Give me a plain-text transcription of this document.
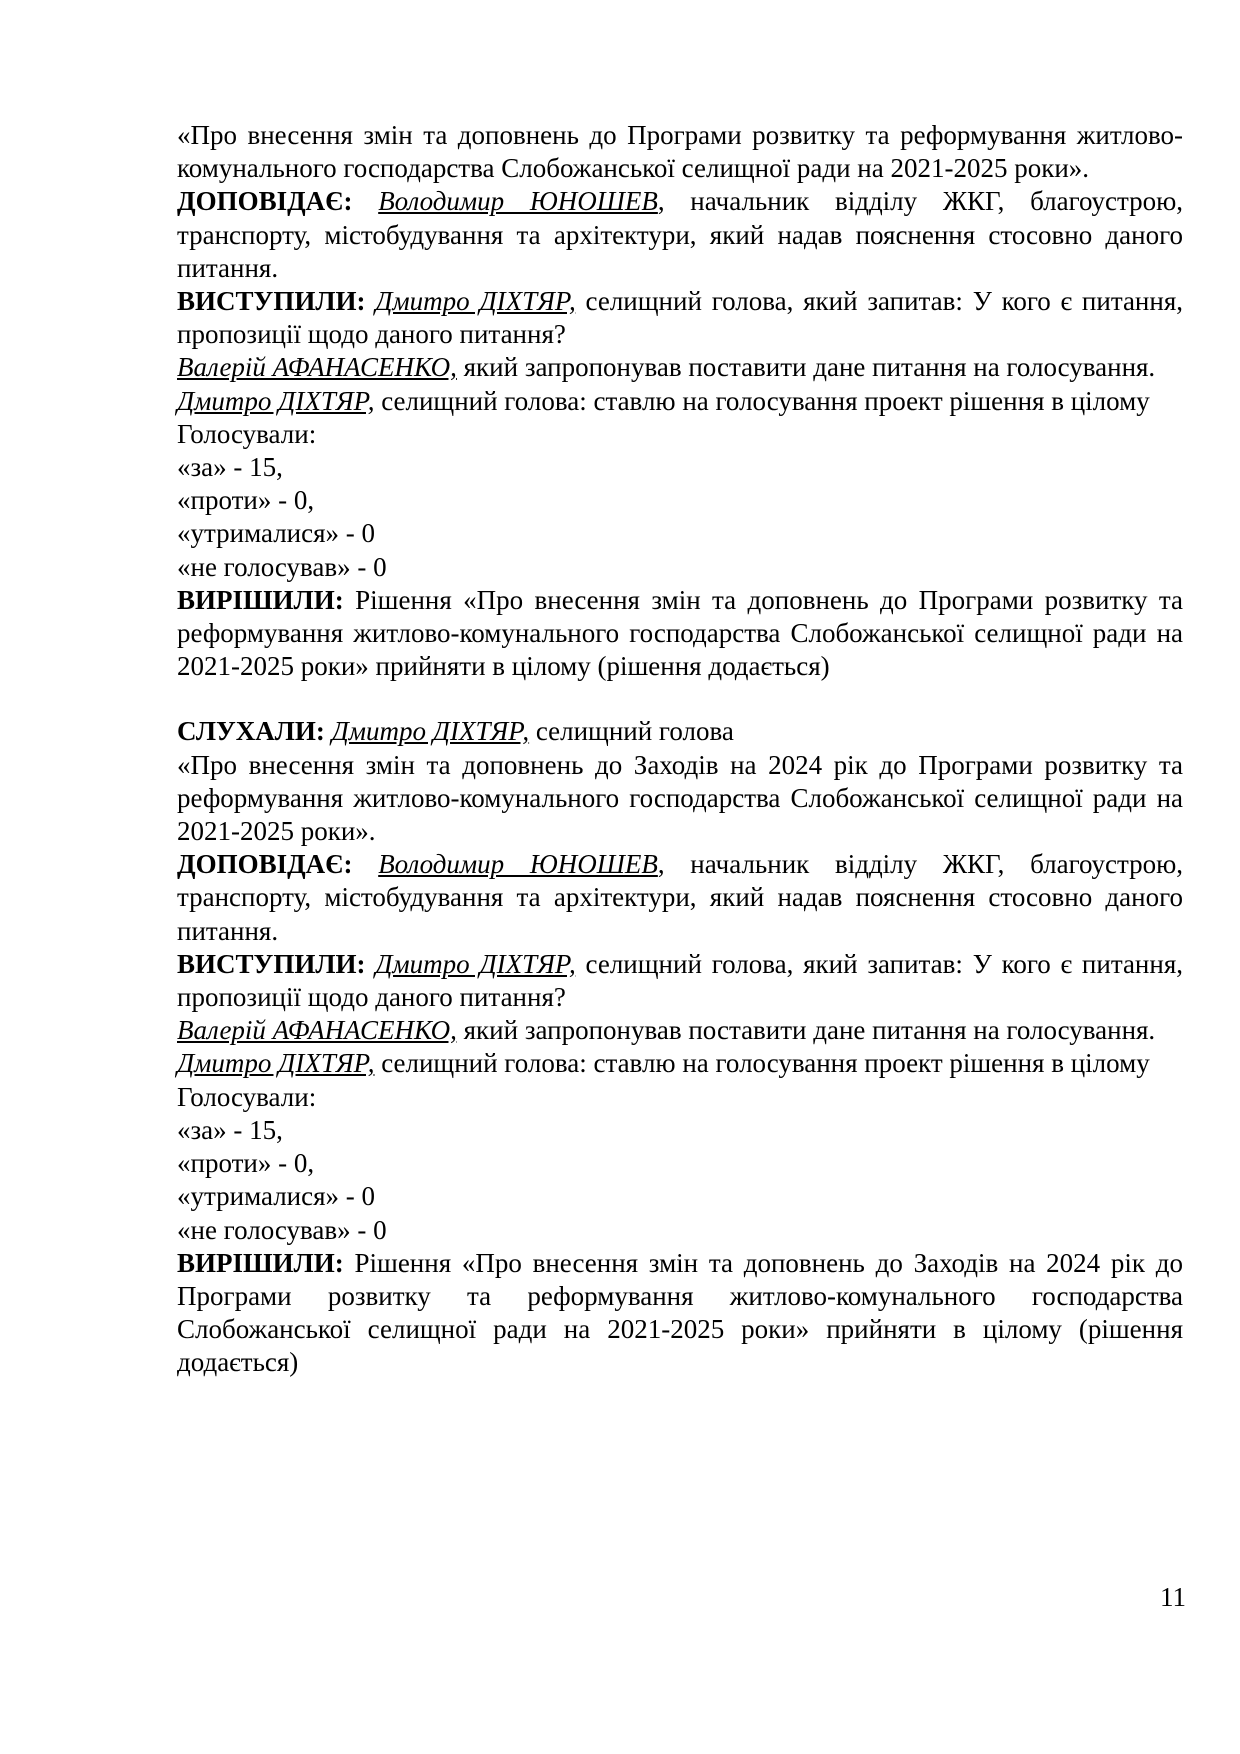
«Про внесення змін та доповнень до Програми розвитку та реформування житлово-комунального господарства Слобожанської селищної ради на 2021-2025 роки».

ДОПОВІДАЄ: Володимир ЮНОШЕВ, начальник відділу ЖКГ, благоустрою, транспорту, містобудування та архітектури, який надав пояснення стосовно даного питання.

ВИСТУПИЛИ: Дмитро ДІХТЯР, селищний голова, який запитав: У кого є питання, пропозиції щодо даного питання?

Валерій АФАНАСЕНКО, який запропонував поставити дане питання на голосування.

Дмитро ДІХТЯР, селищний голова: ставлю на голосування проект рішення в цілому

Голосували:

«за» - 15,

«проти» - 0,

«утрималися» - 0

«не голосував» - 0

ВИРІШИЛИ: Рішення «Про внесення змін та доповнень до Програми розвитку та реформування житлово-комунального господарства Слобожанської селищної ради на 2021-2025 роки» прийняти в цілому (рішення додається)

СЛУХАЛИ: Дмитро ДІХТЯР, селищний голова

«Про внесення змін та доповнень до Заходів на 2024 рік до Програми розвитку та реформування житлово-комунального господарства Слобожанської селищної ради на 2021-2025 роки».

ДОПОВІДАЄ: Володимир ЮНОШЕВ, начальник відділу ЖКГ, благоустрою, транспорту, містобудування та архітектури, який надав пояснення стосовно даного питання.

ВИСТУПИЛИ: Дмитро ДІХТЯР, селищний голова, який запитав: У кого є питання, пропозиції щодо даного питання?

Валерій АФАНАСЕНКО, який запропонував поставити дане питання на голосування.

Дмитро ДІХТЯР, селищний голова: ставлю на голосування проект рішення в цілому

Голосували:

«за» - 15,

«проти» - 0,

«утрималися» - 0

«не голосував» - 0

ВИРІШИЛИ: Рішення «Про внесення змін та доповнень до Заходів на 2024 рік до Програми розвитку та реформування житлово-комунального господарства Слобожанської селищної ради на 2021-2025 роки» прийняти в цілому (рішення додається)

11
